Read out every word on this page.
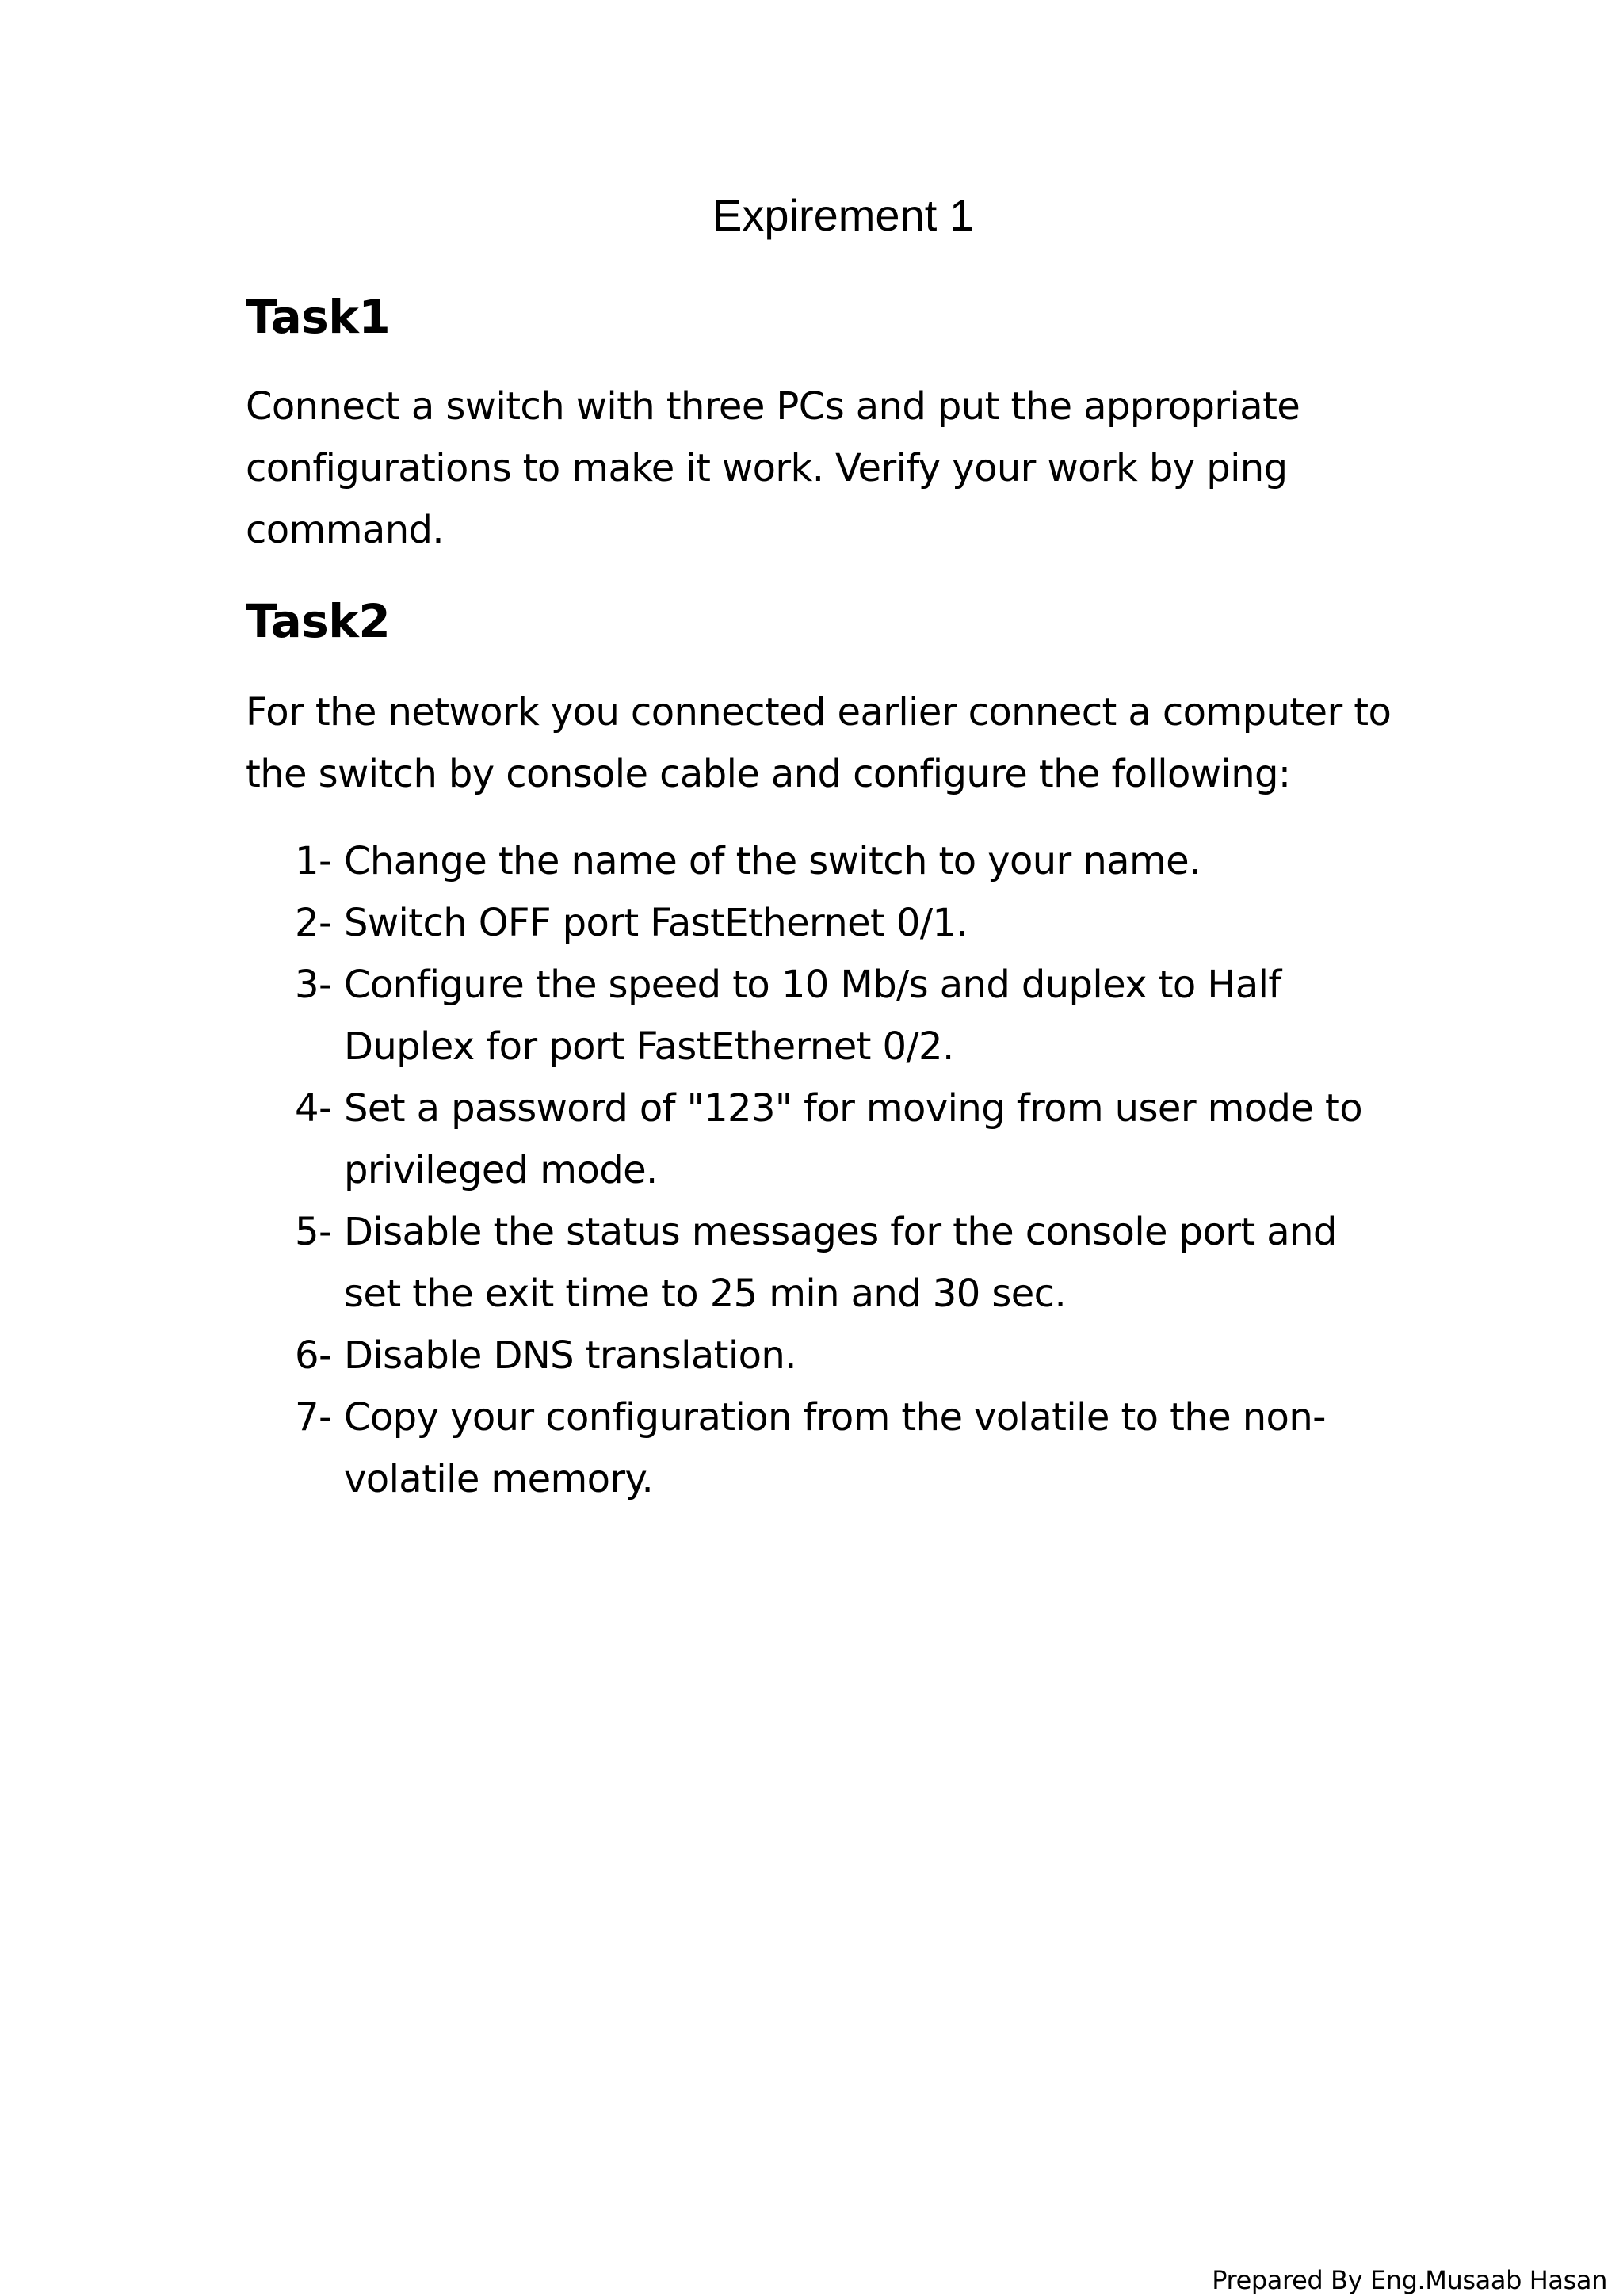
Expirement 1
Task1

Connect a switch with three PCs and put the appropriate configurations to make it work. Verify your work by ping command.

Task2

For the network you connected earlier connect a computer to the switch by console cable and configure the following:

1- Change the name of the switch to your name.
2- Switch OFF port FastEthernet 0/1.
3- Configure the speed to 10 Mb/s and duplex to Half Duplex for port FastEthernet 0/2.
4- Set a password of "123" for moving from user mode to privileged mode.
5- Disable the status messages for the console port and set the exit time to 25 min and 30 sec.
6- Disable DNS translation.
7- Copy your configuration from the volatile to the non-volatile memory.
Prepared By Eng.Musaab Hasan
